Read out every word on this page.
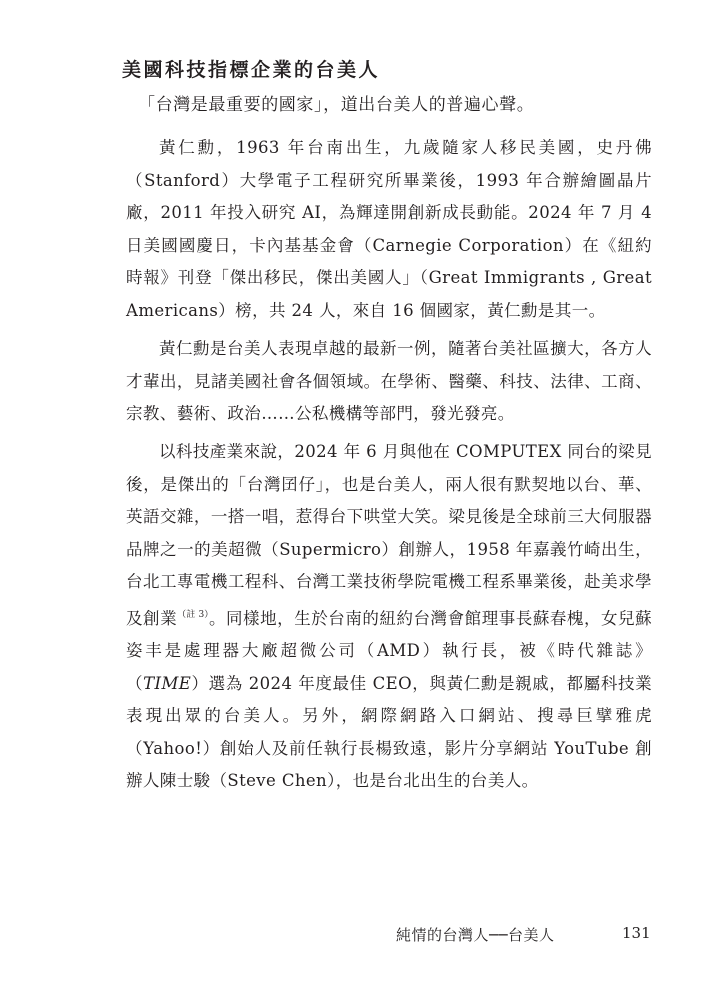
美國科技指標企業的台美人
「台灣是最重要的國家」，道出台美人的普遍心聲。

黃仁勳，1963 年台南出生，九歲隨家人移民美國，史丹佛（Stanford）大學電子工程研究所畢業後，1993 年合辦繪圖晶片廠，2011 年投入研究 AI，為輝達開創新成長動能。2024 年 7 月 4 日美國國慶日，卡內基基金會（Carnegie Corporation）在《紐約時報》刊登「傑出移民，傑出美國人」（Great Immigrants , Great Americans）榜，共 24 人，來自 16 個國家，黃仁勳是其一。

黃仁勳是台美人表現卓越的最新一例，隨著台美社區擴大，各方人才輩出，見諸美國社會各個領域。在學術、醫藥、科技、法律、工商、宗教、藝術、政治……公私機構等部門，發光發亮。

以科技產業來說，2024 年 6 月與他在 COMPUTEX 同台的梁見後，是傑出的「台灣囝仔」，也是台美人，兩人很有默契地以台、華、英語交雜，一搭一唱，惹得台下哄堂大笑。梁見後是全球前三大伺服器品牌之一的美超微（Supermicro）創辦人，1958 年嘉義竹崎出生，台北工專電機工程科、台灣工業技術學院電機工程系畢業後，赴美求學及創業$^{(註 3)}$。同樣地，生於台南的紐約台灣會館理事長蘇春槐，女兒蘇姿丰是處理器大廠超微公司（AMD）執行長，被《時代雜誌》（TIME）選為 2024 年度最佳 CEO，與黃仁勳是親戚，都屬科技業表現出眾的台美人。另外，網際網路入口網站、搜尋巨擘雅虎（Yahoo!）創始人及前任執行長楊致遠，影片分享網站 YouTube 創辦人陳士駿（Steve Chen），也是台北出生的台美人。

純情的台灣人──台美人	131
